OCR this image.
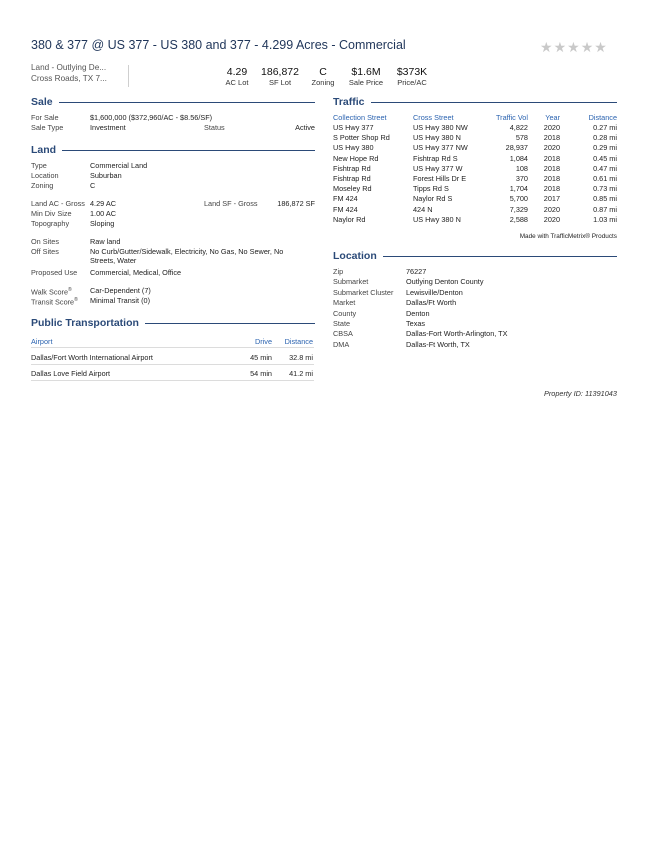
380 & 377 @ US 377 - US 380 and 377 - 4.299 Acres - Commercial	★ ★ ★ ★ ★
Land - Outlying De...
Cross Roads, TX 7...	4.29
AC Lot
186,872
SF Lot
C
Zoning
$1.6M
Sale Price
$373K
Price/AC
Sale
For Sale	$1,600,000 ($372,960/AC - $8.56/SF)
Sale Type	Investment	Status	Active
Land
Type	Commercial Land
Location	Suburban
Zoning	C
Land AC - Gross 4.29 AC	Land SF - Gross	186,872 SF
Min Div Size	1.00 AC
Topography	Sloping
On Sites	Raw land
Off Sites	No Curb/Gutter/Sidewalk, Electricity, No Gas, No Sewer, No Streets, Water
Proposed Use Commercial, Medical, Office
Walk Score®	Car-Dependent (7)
Transit Score® Minimal Transit (0)
Public Transportation
Airport	Drive	Distance
Dallas/Fort Worth International Airport	45 min	32.8 mi
Dallas Love Field Airport	54 min	41.2 mi
Traffic
Collection Street	Cross Street	Traffic Vol	Year	Distance
US Hwy 377	US Hwy 380 NW	4,822	2020	0.27 mi
S Potter Shop Rd	US Hwy 380 N	578	2018	0.28 mi
US Hwy 380	US Hwy 377 NW	28,937	2020	0.29 mi
New Hope Rd	Fishtrap Rd S	1,084	2018	0.45 mi
Fishtrap Rd	US Hwy 377 W	108	2018	0.47 mi
Fishtrap Rd	Forest Hills Dr E	370	2018	0.61 mi
Moseley Rd	Tipps Rd S	1,704	2018	0.73 mi
FM 424	Naylor Rd S	5,700	2017	0.85 mi
FM 424	424 N	7,329	2020	0.87 mi
Naylor Rd	US Hwy 380 N	2,588	2020	1.03 mi
Made with TrafficMetrix® Products
Location
Zip	76227
Submarket	Outlying Denton County
Submarket Cluster Lewisville/Denton
Market	Dallas/Ft Worth
County	Denton
State	Texas
CBSA	Dallas-Fort Worth-Arlington, TX
DMA	Dallas-Ft Worth, TX
Property ID: 11391043
